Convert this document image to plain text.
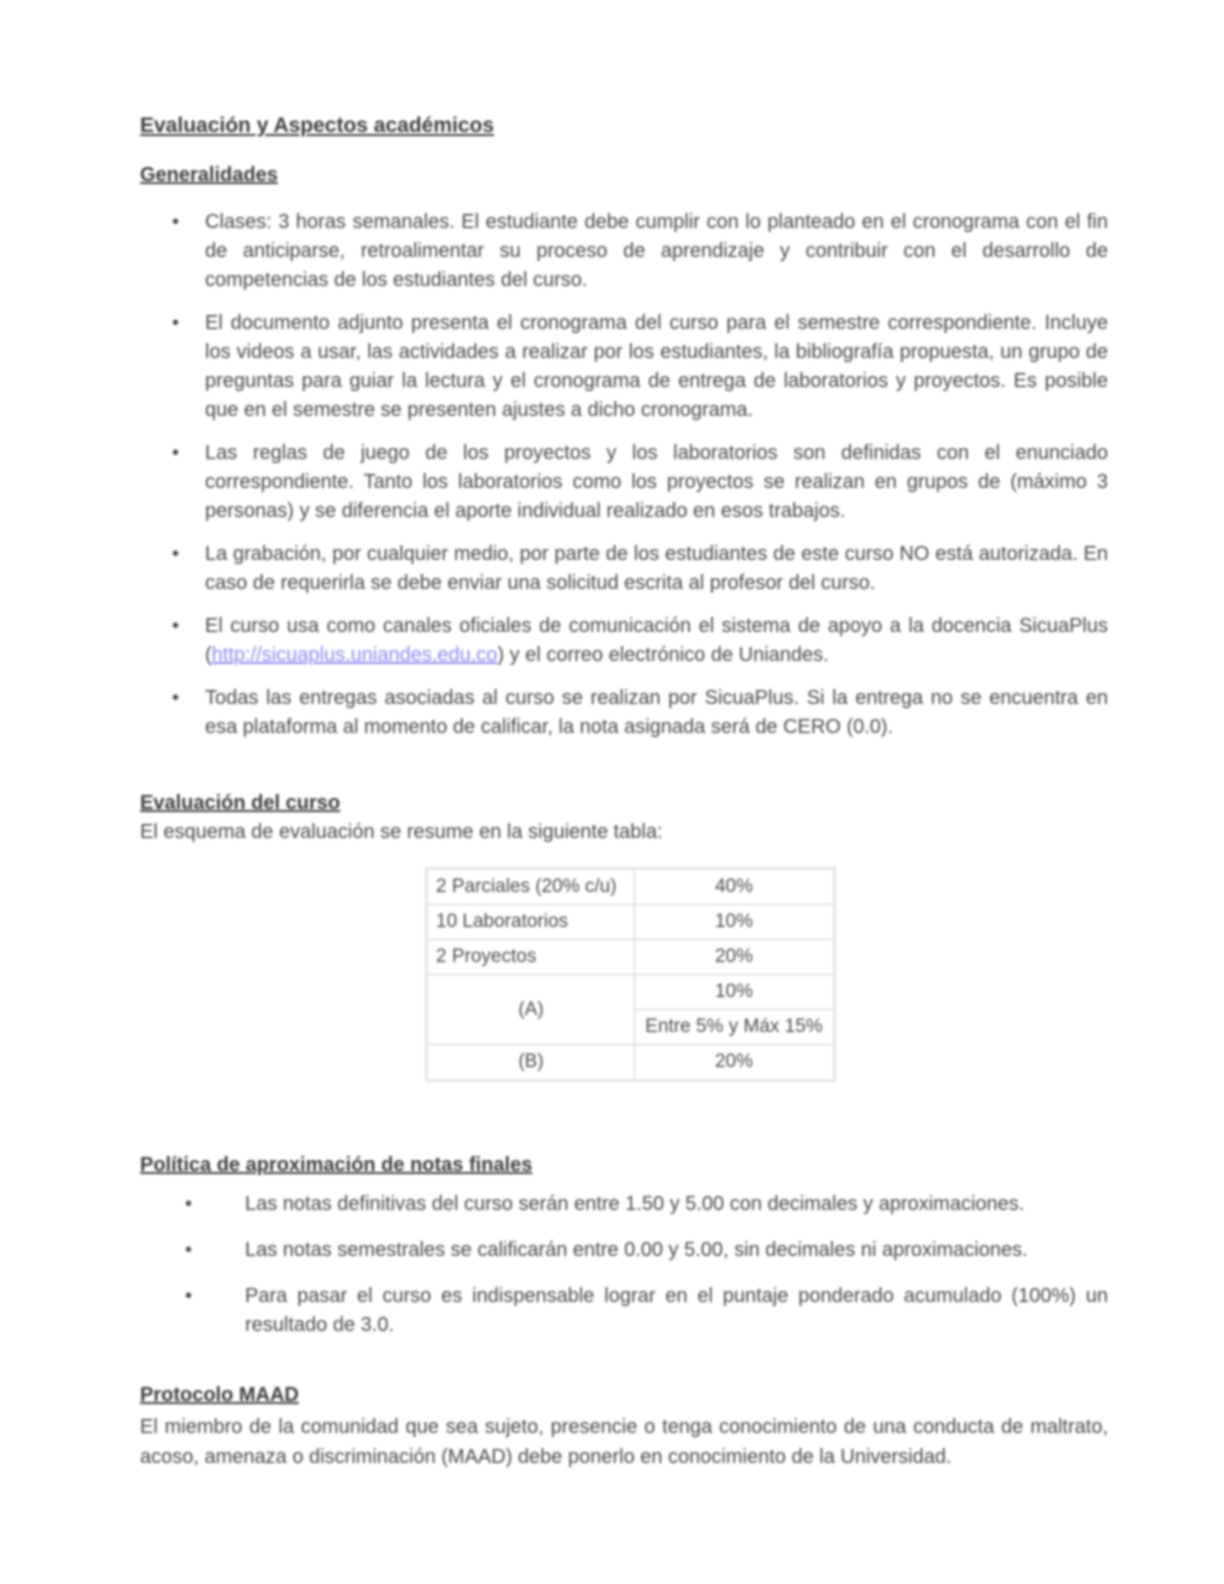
Evaluación y Aspectos académicos
Generalidades
•	Clases: 3 horas semanales. El estudiante debe cumplir con lo planteado en el cronograma con el fin de anticiparse, retroalimentar su proceso de aprendizaje y contribuir con el desarrollo de competencias de los estudiantes del curso.
•	El documento adjunto presenta el cronograma del curso para el semestre correspondiente. Incluye los videos a usar, las actividades a realizar por los estudiantes, la bibliografía propuesta, un grupo de preguntas para guiar la lectura y el cronograma de entrega de laboratorios y proyectos. Es posible que en el semestre se presenten ajustes a dicho cronograma.
•	Las reglas de juego de los proyectos y los laboratorios son definidas con el enunciado correspondiente. Tanto los laboratorios como los proyectos se realizan en grupos de (máximo 3 personas) y se diferencia el aporte individual realizado en esos trabajos.
•	La grabación, por cualquier medio, por parte de los estudiantes de este curso NO está autorizada. En caso de requerirla se debe enviar una solicitud escrita al profesor del curso.
•	El curso usa como canales oficiales de comunicación el sistema de apoyo a la docencia SicuaPlus (http://sicuaplus.uniandes.edu.co) y el correo electrónico de Uniandes.
•	Todas las entregas asociadas al curso se realizan por SicuaPlus. Si la entrega no se encuentra en esa plataforma al momento de calificar, la nota asignada será de CERO (0.0).
Evaluación del curso
El esquema de evaluación se resume en la siguiente tabla:
2 Parciales (20% c/u)	40%
10 Laboratorios	10%
2 Proyectos	20%
(A)	10%
	Entre 5% y Máx 15%
(B)	20%
Política de aproximación de notas finales
•	Las notas definitivas del curso serán entre 1.50 y 5.00 con decimales y aproximaciones.
•	Las notas semestrales se calificarán entre 0.00 y 5.00, sin decimales ni aproximaciones.
•	Para pasar el curso es indispensable lograr en el puntaje ponderado acumulado (100%) un resultado de 3.0.
Protocolo MAAD
El miembro de la comunidad que sea sujeto, presencie o tenga conocimiento de una conducta de maltrato, acoso, amenaza o discriminación (MAAD) debe ponerlo en conocimiento de la Universidad.
